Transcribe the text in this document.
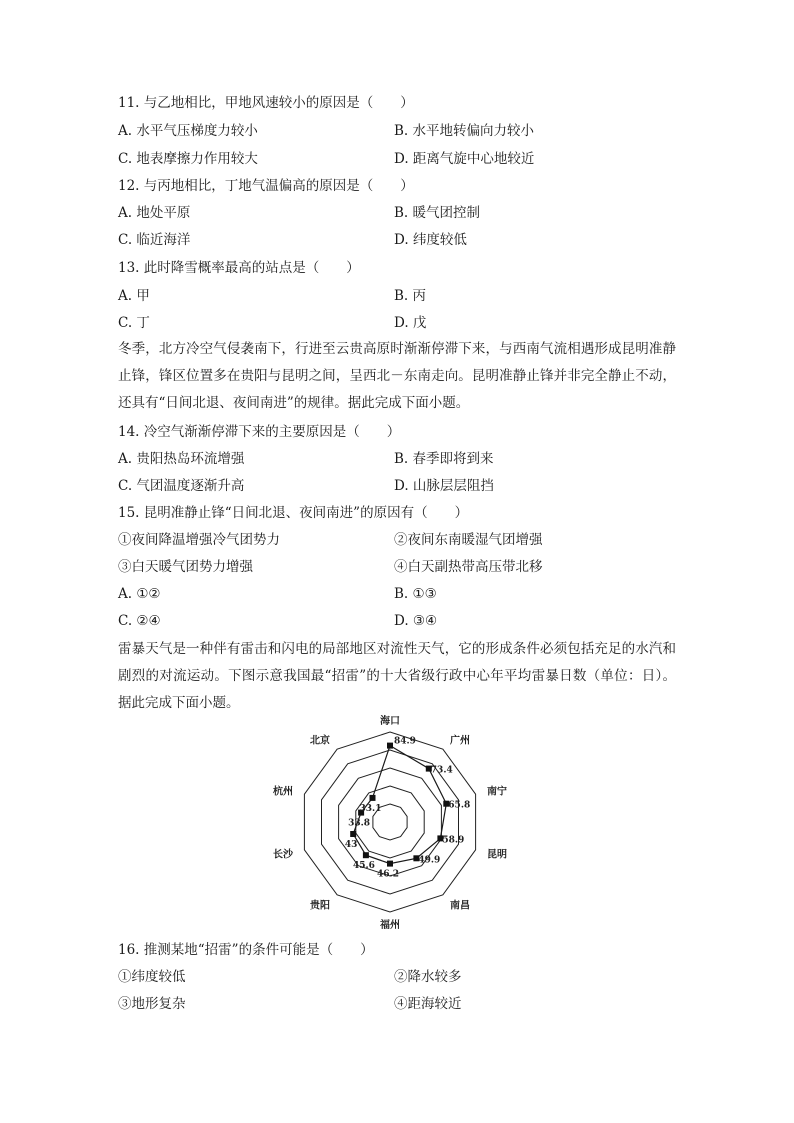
11. 与乙地相比，甲地风速较小的原因是（　　）
A. 水平气压梯度力较小	B. 水平地转偏向力较小
C. 地表摩擦力作用较大	D. 距离气旋中心地较近
12. 与丙地相比，丁地气温偏高的原因是（　　）
A. 地处平原	B. 暖气团控制
C. 临近海洋	D. 纬度较低
13. 此时降雪概率最高的站点是（　　）
A. 甲	B. 丙
C. 丁	D. 戊
冬季，北方冷空气侵袭南下，行进至云贵高原时渐渐停滞下来，与西南气流相遇形成昆明准静止锋，锋区位置多在贵阳与昆明之间，呈西北－东南走向。昆明准静止锋并非完全静止不动，还具有“日间北退、夜间南进”的规律。据此完成下面小题。
14. 冷空气渐渐停滞下来的主要原因是（　　）
A. 贵阳热岛环流增强	B. 春季即将到来
C. 气团温度逐渐升高	D. 山脉层层阻挡
15. 昆明准静止锋“日间北退、夜间南进”的原因有（　　）
①夜间降温增强冷气团势力	②夜间东南暖湿气团增强
③白天暖气团势力增强	④白天副热带高压带北移
A. ①②	B. ①③
C. ②④	D. ③④
雷暴天气是一种伴有雷击和闪电的局部地区对流性天气，它的形成条件必须包括充足的水汽和剧烈的对流运动。下图示意我国最“招雷”的十大省级行政中心年平均雷暴日数（单位：日）。据此完成下面小题。
84.9
73.4
65.8
58.9
49.9
46.2
45.6
43
33.8
33.1
海口
广州
南宁
昆明
南昌
福州
贵阳
长沙
杭州
北京
16. 推测某地“招雷”的条件可能是（　　）
①纬度较低	②降水较多
③地形复杂	④距海较近
